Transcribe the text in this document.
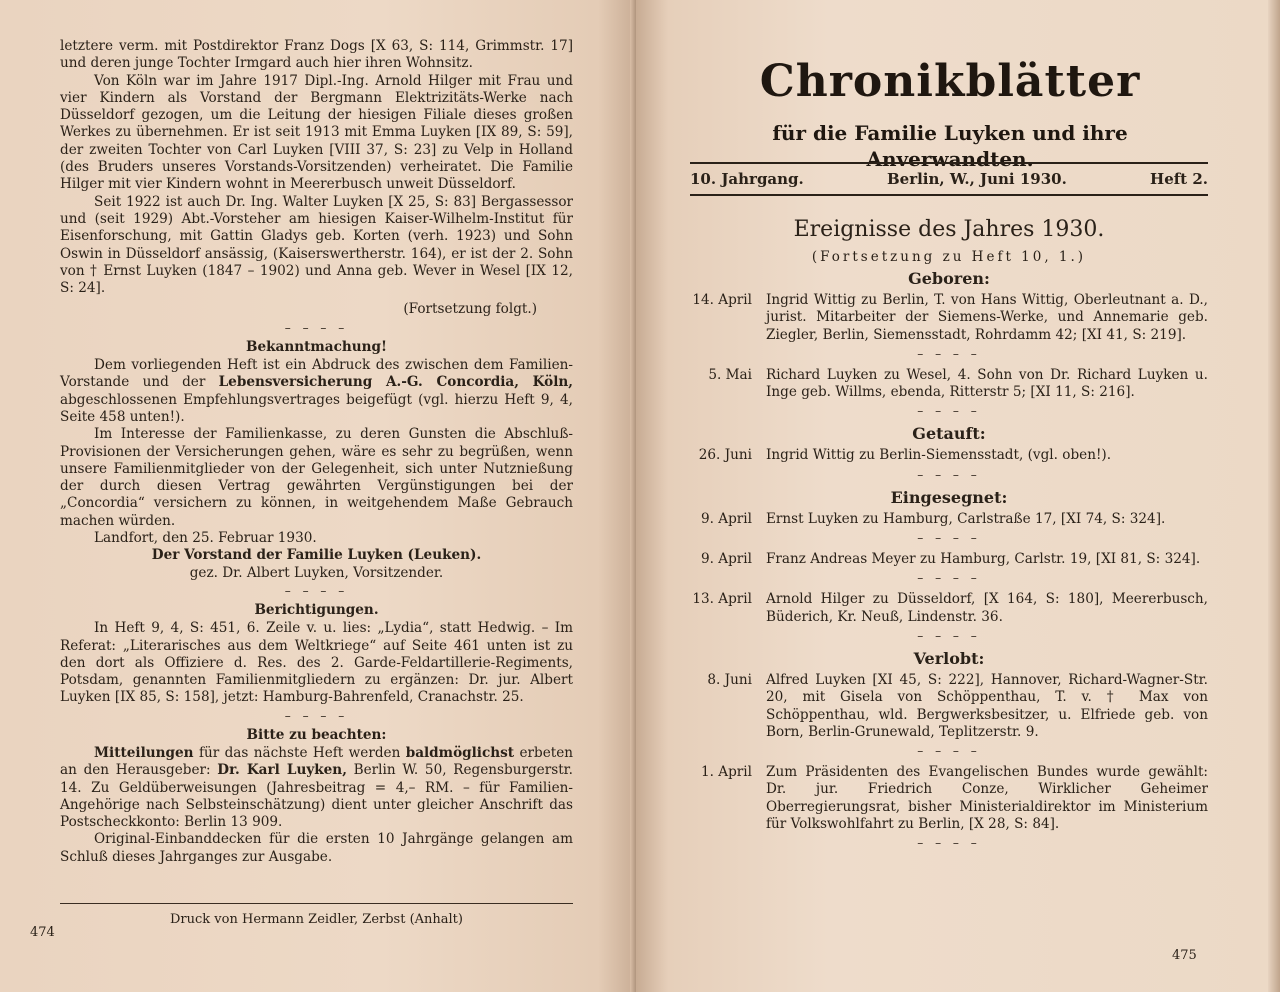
letztere verm. mit Postdirektor Franz Dogs [X 63, S: 114, Grimmstr. 17] und deren junge Tochter Irmgard auch hier ihren Wohnsitz.

Von Köln war im Jahre 1917 Dipl.-Ing. Arnold Hilger mit Frau und vier Kindern als Vorstand der Bergmann Elektrizitäts-Werke nach Düsseldorf gezogen, um die Leitung der hiesigen Filiale dieses großen Werkes zu übernehmen. Er ist seit 1913 mit Emma Luyken [IX 89, S: 59], der zweiten Tochter von Carl Luyken [VIII 37, S: 23] zu Velp in Holland (des Bruders unseres Vorstands-Vorsitzenden) verheiratet. Die Familie Hilger mit vier Kindern wohnt in Meererbusch unweit Düsseldorf.

Seit 1922 ist auch Dr. Ing. Walter Luyken [X 25, S: 83] Bergassessor und (seit 1929) Abt.-Vorsteher am hiesigen Kaiser-Wilhelm-Institut für Eisenforschung, mit Gattin Gladys geb. Korten (verh. 1923) und Sohn Oswin in Düsseldorf ansässig, (Kaiserswertherstr. 164), er ist der 2. Sohn von † Ernst Luyken (1847 – 1902) und Anna geb. Wever in Wesel [IX 12, S: 24].

(Fortsetzung folgt.)
– – – –
Bekanntmachung!

Dem vorliegenden Heft ist ein Abdruck des zwischen dem Familien-Vorstande und der Lebensversicherung A.-G. Concordia, Köln, abgeschlossenen Empfehlungsvertrages beigefügt (vgl. hierzu Heft 9, 4, Seite 458 unten!).

Im Interesse der Familienkasse, zu deren Gunsten die Abschluß-Provisionen der Versicherungen gehen, wäre es sehr zu begrüßen, wenn unsere Familienmitglieder von der Gelegenheit, sich unter Nutznießung der durch diesen Vertrag gewährten Vergünstigungen bei der „Concordia“ versichern zu können, in weitgehendem Maße Gebrauch machen würden.

Landfort, den 25. Februar 1930.

Der Vorstand der Familie Luyken (Leuken).
gez. Dr. Albert Luyken, Vorsitzender.
– – – –
Berichtigungen.

In Heft 9, 4, S: 451, 6. Zeile v. u. lies: „Lydia“, statt Hedwig. – Im Referat: „Literarisches aus dem Weltkriege“ auf Seite 461 unten ist zu den dort als Offiziere d. Res. des 2. Garde-Feldartillerie-Regiments, Potsdam, genannten Familienmitgliedern zu ergänzen: Dr. jur. Albert Luyken [IX 85, S: 158], jetzt: Hamburg-Bahrenfeld, Cranachstr. 25.

– – – –
Bitte zu beachten:

Mitteilungen für das nächste Heft werden baldmöglichst erbeten an den Herausgeber: Dr. Karl Luyken, Berlin W. 50, Regensburgerstr. 14. Zu Geldüberweisungen (Jahresbeitrag = 4,– RM. – für Familien-Angehörige nach Selbsteinschätzung) dient unter gleicher Anschrift das Postscheckkonto: Berlin 13 909.

Original-Einbanddecken für die ersten 10 Jahrgänge gelangen am Schluß dieses Jahrganges zur Ausgabe.

Druck von Hermann Zeidler, Zerbst (Anhalt)
474
Chronikblätter
für die Familie Luyken und ihre Anverwandten.
10. Jahrgang.	Berlin, W., Juni 1930.	Heft 2.
Ereignisse des Jahres 1930.
(Fortsetzung zu Heft 10, 1.)
Geboren:
14. April	Ingrid Wittig zu Berlin, T. von Hans Wittig, Oberleutnant a. D., jurist. Mitarbeiter der Siemens-Werke, und Annemarie geb. Ziegler, Berlin, Siemensstadt, Rohrdamm 42; [XI 41, S: 219].
– – – –
5. Mai	Richard Luyken zu Wesel, 4. Sohn von Dr. Richard Luyken u. Inge geb. Willms, ebenda, Ritterstr 5; [XI 11, S: 216].
– – – –
Getauft:
26. Juni	Ingrid Wittig zu Berlin-Siemensstadt, (vgl. oben!).
– – – –
Eingesegnet:
9. April	Ernst Luyken zu Hamburg, Carlstraße 17, [XI 74, S: 324].
– – – –
9. April	Franz Andreas Meyer zu Hamburg, Carlstr. 19, [XI 81, S: 324].
– – – –
13. April	Arnold Hilger zu Düsseldorf, [X 164, S: 180], Meererbusch, Büderich, Kr. Neuß, Lindenstr. 36.
– – – –
Verlobt:
8. Juni	Alfred Luyken [XI 45, S: 222], Hannover, Richard-Wagner-Str. 20, mit Gisela von Schöppenthau, T. v. † Max von Schöppenthau, wld. Bergwerksbesitzer, u. Elfriede geb. von Born, Berlin-Grunewald, Teplitzerstr. 9.
– – – –
1. April	Zum Präsidenten des Evangelischen Bundes wurde gewählt: Dr. jur. Friedrich Conze, Wirklicher Geheimer Oberregierungsrat, bisher Ministerialdirektor im Ministerium für Volkswohlfahrt zu Berlin, [X 28, S: 84].
– – – –
475
